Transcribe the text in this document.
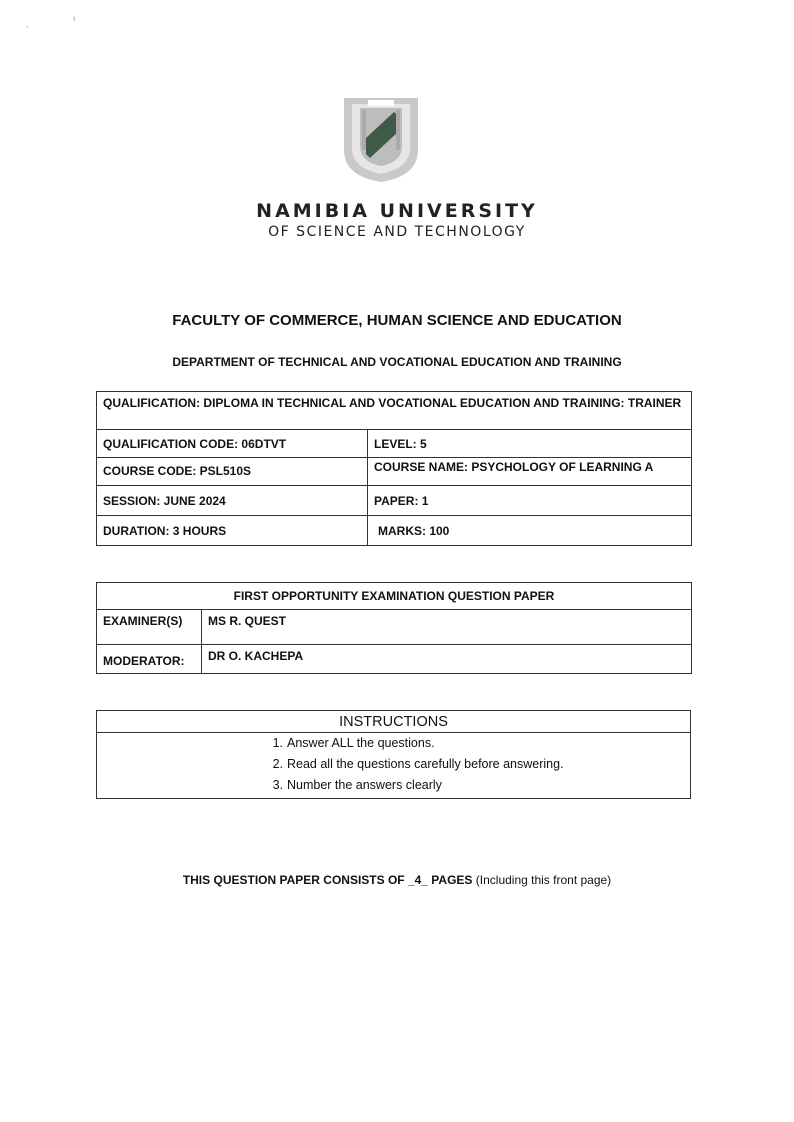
,
ı
NAMIBIA UNIVERSITY
OF SCIENCE AND TECHNOLOGY
FACULTY OF COMMERCE, HUMAN SCIENCE AND EDUCATION
DEPARTMENT OF TECHNICAL AND VOCATIONAL EDUCATION AND TRAINING
QUALIFICATION: DIPLOMA IN TECHNICAL AND VOCATIONAL EDUCATION AND TRAINING: TRAINER	
QUALIFICATION CODE: 06DTVT	LEVEL: 5
COURSE CODE: PSL510S	COURSE NAME: PSYCHOLOGY OF LEARNING A
SESSION: JUNE 2024	PAPER: 1
DURATION: 3 HOURS	MARKS: 100
FIRST OPPORTUNITY EXAMINATION QUESTION PAPER	
EXAMINER(S)	MS R. QUEST
MODERATOR:	DR O. KACHEPA
INSTRUCTIONS

1. Answer ALL the questions.
2. Read all the questions carefully before answering.
3. Number the answers clearly
THIS QUESTION PAPER CONSISTS OF _4_ PAGES (Including this front page)
